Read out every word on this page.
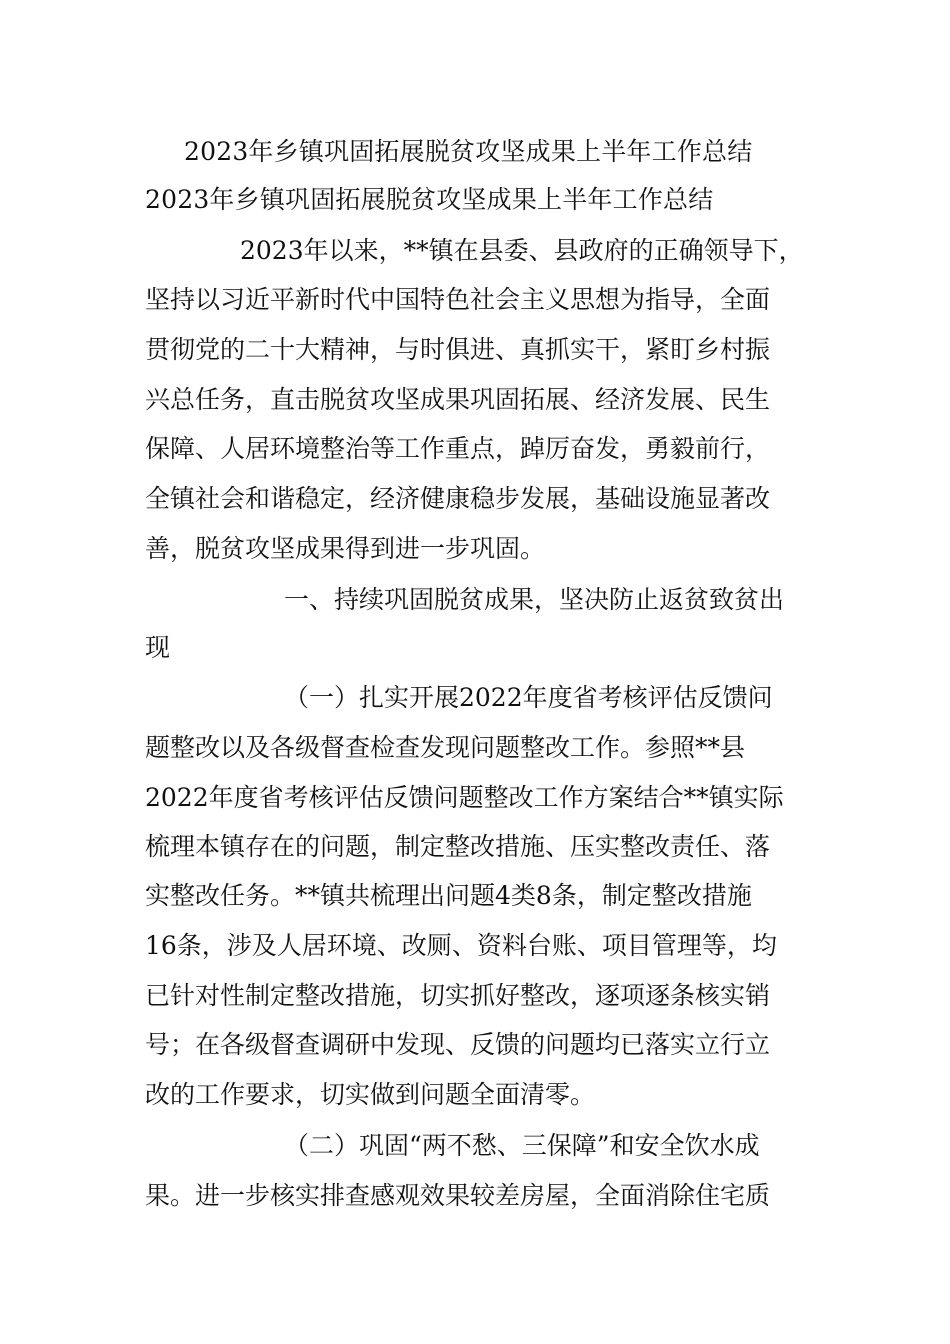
2023年乡镇巩固拓展脱贫攻坚成果上半年工作总结
2023年乡镇巩固拓展脱贫攻坚成果上半年工作总结
2023年以来，**镇在县委、县政府的正确领导下，
坚持以习近平新时代中国特色社会主义思想为指导，全面
贯彻党的二十大精神，与时俱进、真抓实干，紧盯乡村振
兴总任务，直击脱贫攻坚成果巩固拓展、经济发展、民生
保障、人居环境整治等工作重点，踔厉奋发，勇毅前行，
全镇社会和谐稳定，经济健康稳步发展，基础设施显著改
善，脱贫攻坚成果得到进一步巩固。
一、持续巩固脱贫成果，坚决防止返贫致贫出
现
（一）扎实开展2022年度省考核评估反馈问
题整改以及各级督查检查发现问题整改工作。参照**县
2022年度省考核评估反馈问题整改工作方案结合**镇实际
梳理本镇存在的问题，制定整改措施、压实整改责任、落
实整改任务。**镇共梳理出问题4类8条，制定整改措施
16条，涉及人居环境、改厕、资料台账、项目管理等，均
已针对性制定整改措施，切实抓好整改，逐项逐条核实销
号；在各级督查调研中发现、反馈的问题均已落实立行立
改的工作要求，切实做到问题全面清零。
（二）巩固“两不愁、三保障”和安全饮水成
果。进一步核实排查感观效果较差房屋，全面消除住宅质
